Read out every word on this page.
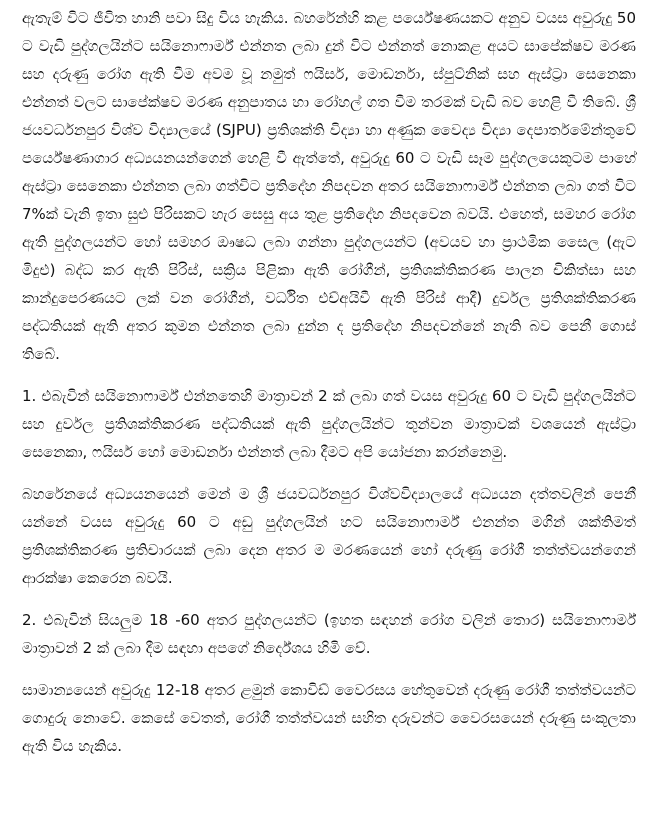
ඇතැම් විට ජීවිත හානි පවා සිදු විය හැකිය. බහරේන්හි කළ පර්යේෂණයකට අනුව වයස අවුරුදු 50 ට වැඩි පුද්ගලයින්ට සයිනොෆාර්ම් එන්නත ලබා දුන් විට එන්නත් නොකළ අයට සාපේක්ෂව මරණ සහ දරුණු රෝග ඇති වීම අවම වූ නමුත් ෆයිසර්, මොඩර්නා, ස්පුට්නික් සහ ඇස්ට්‍රා සෙනෙකා එන්නත් වලට සාපේක්ෂව මරණ අනුපාතය හා රෝහල් ගත වීම තරමක් වැඩි බව හෙළි වී තිබේ. ශ්‍රී ජයවර්ධනපුර විශ්ව විද්‍යාලයේ (SJPU) ප්‍රතිශක්ති විද්‍යා හා අණුක වෛද්‍ය විද්‍යා දෙපාර්තමේන්තුවේ පර්යේෂණාගාර අධ්‍යයනයන්ගෙන් හෙළි වී ඇත්තේ, අවුරුදු 60 ට වැඩි සෑම පුද්ගලයෙකුටම පාහේ ඇස්ට්‍රා සෙනෙකා එන්නත ලබා ගත්විට ප්‍රතිදේහ නිපදවන අතර සයිනොෆාර්ම් එන්නත ලබා ගත් විට 7%ක් වැනි ඉතා සුළු පිරිසකට හැර සෙසු අය තුළ ප්‍රතිදේහ නිපදවෙන බවයි. එහෙත්, සමහර රෝග ඇති පුද්ගලයන්ට හෝ සමහර ඖෂධ ලබා ගන්නා පුද්ගලයන්ට (අවයව හා ප්‍රාථමික සෛල (ඇට මිදුළු) බද්ධ කර ඇති පිරිස්, සක්‍රිය පිළිකා ඇති රෝගීන්, ප්‍රතිශක්තිකරණ පාලන චිකිත්සා සහ කාන්දුපෙරණයට ලක් වන රෝගීන්, වර්ධිත එච්අයිවී ඇති පිරිස් ආදී) දුර්වල ප්‍රතිශක්තිකරණ පද්ධතියක් ඇති අතර කුමන එන්නත ලබා දුන්න ද ප්‍රතිදේහ නිපදවන්නේ නැති බව පෙනී ගොස් තිබේ.

1. එබැවින් සයිනොෆාර්ම් එන්නතෙහි මාත්‍රාවන් 2 ක් ලබා ගත් වයස අවුරුදු 60 ට වැඩි පුද්ගලයින්ට සහ දුර්වල ප්‍රතිශක්තිකරණ පද්ධතියක් ඇති පුද්ගලයින්ට තුන්වන මාත්‍රාවක් වශයෙන් ඇස්ට්‍රා සෙනෙකා, ෆයිසර් හෝ මොඩර්නා එන්නත් ලබා දීමට අපි යෝජනා කරන්නෙමු.

බහරේනයේ අධ්‍යයනයෙන් මෙන් ම ශ්‍රී ජයවර්ධනපුර විශ්වවිද්‍යාලයේ අධ්‍යයන දත්තවලින් පෙනී යන්නේ වයස අවුරුදු 60 ට අඩු පුද්ගලයින් හට සයිනොෆාර්ම් එනන්ත මගින් ශක්තිමත් ප්‍රතිශක්තිකරණ ප්‍රතිචාරයක් ලබා දෙන අතර ම මරණයෙන් හෝ දරුණු රෝගී තත්ත්වයන්ගෙන් ආරක්ෂා කෙරෙන බවයි.

2. එබැවින් සියලුම 18 -60 අතර පුද්ගලයන්ට (ඉහත සඳහන් රෝග වලින් තොර) සයිනොෆාර්ම් මාත්‍රාවන් 2 ක් ලබා දීම සඳහා අපගේ නිර්දේශය හිමි වේ.

සාමාන්‍යයෙන් අවුරුදු 12-18 අතර ළමුන් කොවිඩ් වෛරසය හේතුවෙන් දරුණු රෝගී තත්ත්වයන්ට ගොදුරු නොවේ. කෙසේ වෙතත්, රෝගී තත්ත්වයන් සහිත දරුවන්ට වෛරසයෙන් දරුණු සංකූලතා ඇති විය හැකිය.
